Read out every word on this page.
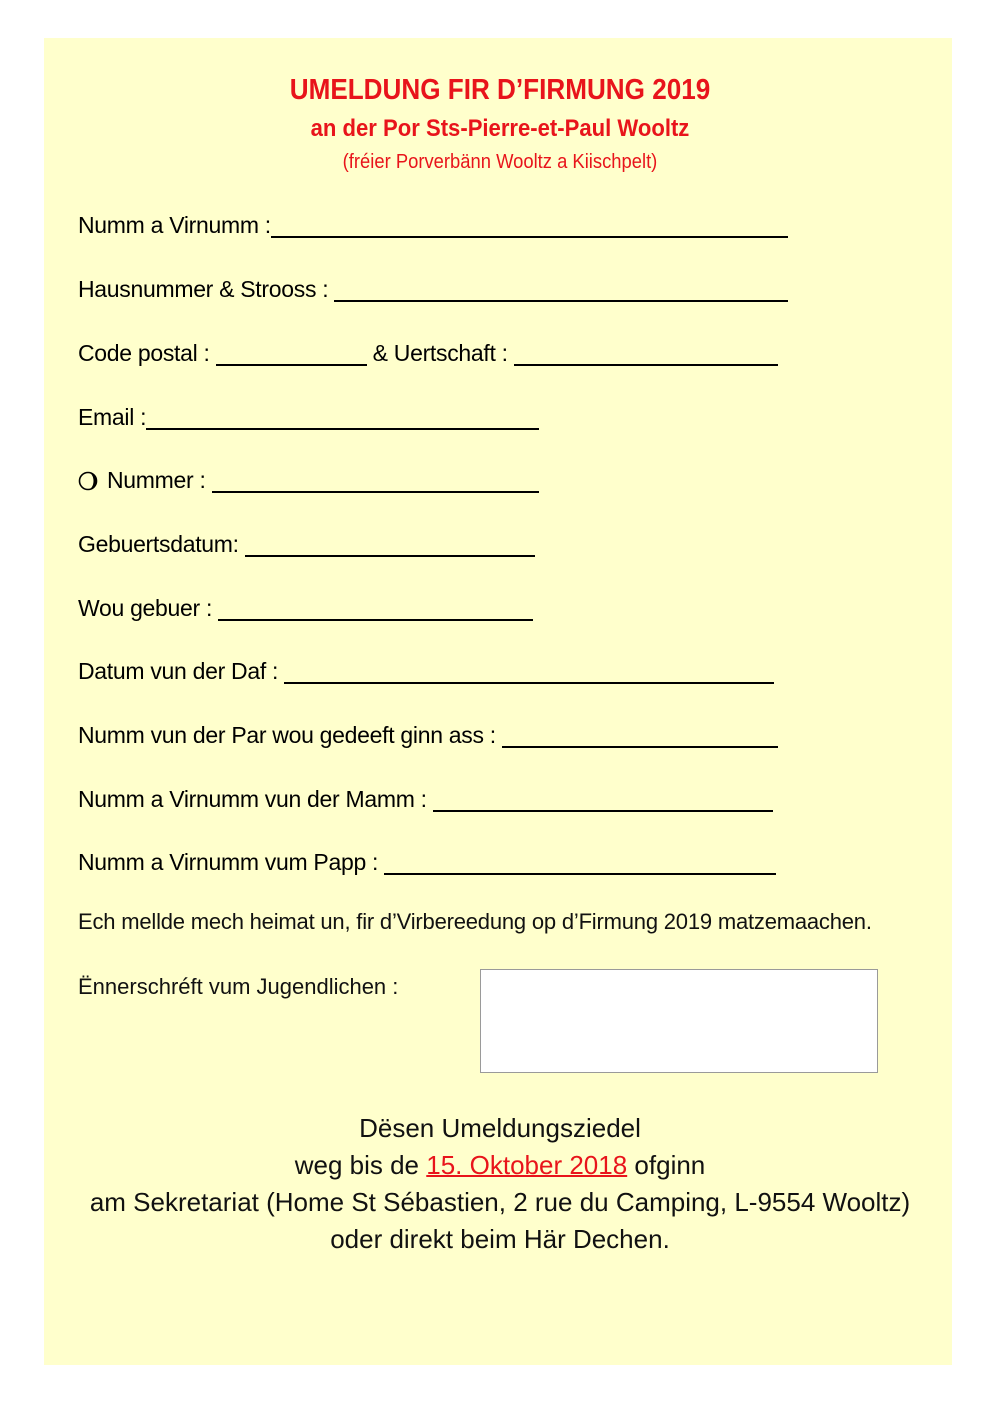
UMELDUNG FIR D’FIRMUNG 2019
an der Por Sts-Pierre-et-Paul Wooltz
(fréier Porverbänn Wooltz a Kiischpelt)
Numm a Virnumm :
Hausnummer & Strooss :
Code postal :	& Uertschaft :
Email :
Nummer :
Gebuertsdatum:
Wou gebuer :
Datum vun der Daf :
Numm vun der Par wou gedeeft ginn ass :
Numm a Virnumm vun der Mamm :
Numm a Virnumm vum Papp :
Ech mellde mech heimat un, fir d’Virbereedung op d’Firmung 2019 matzemaachen.
Ënnerschréft vum Jugendlichen :
Dësen Umeldungsziedel
weg bis de 15. Oktober 2018 ofginn
am Sekretariat (Home St Sébastien, 2 rue du Camping, L-9554 Wooltz)
oder direkt beim Här Dechen.
